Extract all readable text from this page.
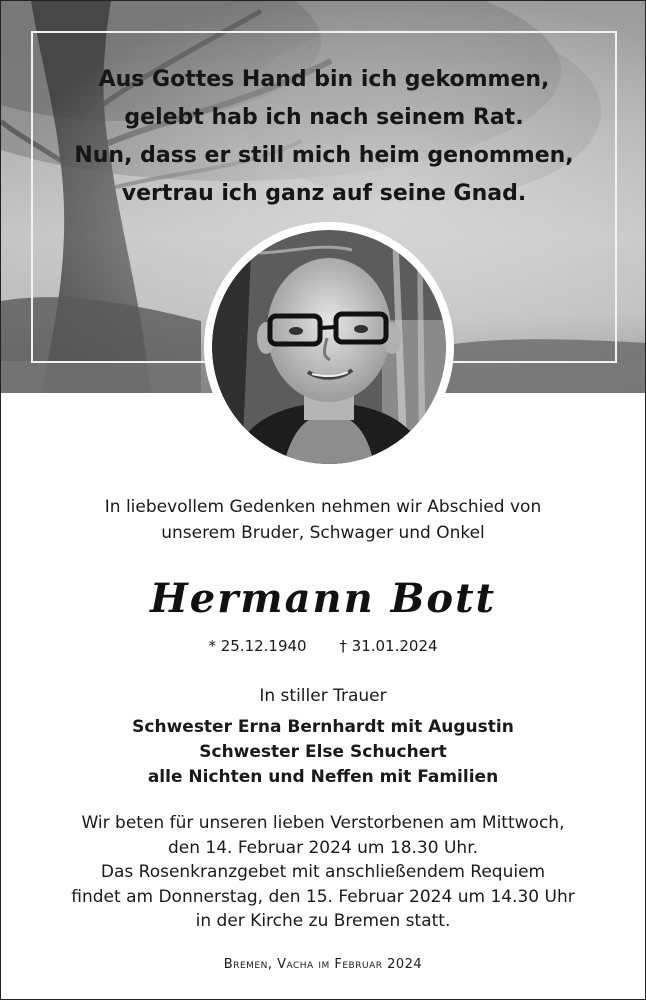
Aus Gottes Hand bin ich gekommen,
gelebt hab ich nach seinem Rat.
Nun, dass er still mich heim genommen,
vertrau ich ganz auf seine Gnad.
In liebevollem Gedenken nehmen wir Abschied von
unserem Bruder, Schwager und Onkel
Hermann Bott
* 25.12.1940 † 31.01.2024
In stiller Trauer
Schwester Erna Bernhardt mit Augustin
Schwester Else Schuchert
alle Nichten und Neffen mit Familien
Wir beten für unseren lieben Verstorbenen am Mittwoch,
den 14. Februar 2024 um 18.30 Uhr.
Das Rosenkranzgebet mit anschließendem Requiem
findet am Donnerstag, den 15. Februar 2024 um 14.30 Uhr
in der Kirche zu Bremen statt.
Bremen, Vacha im Februar 2024
